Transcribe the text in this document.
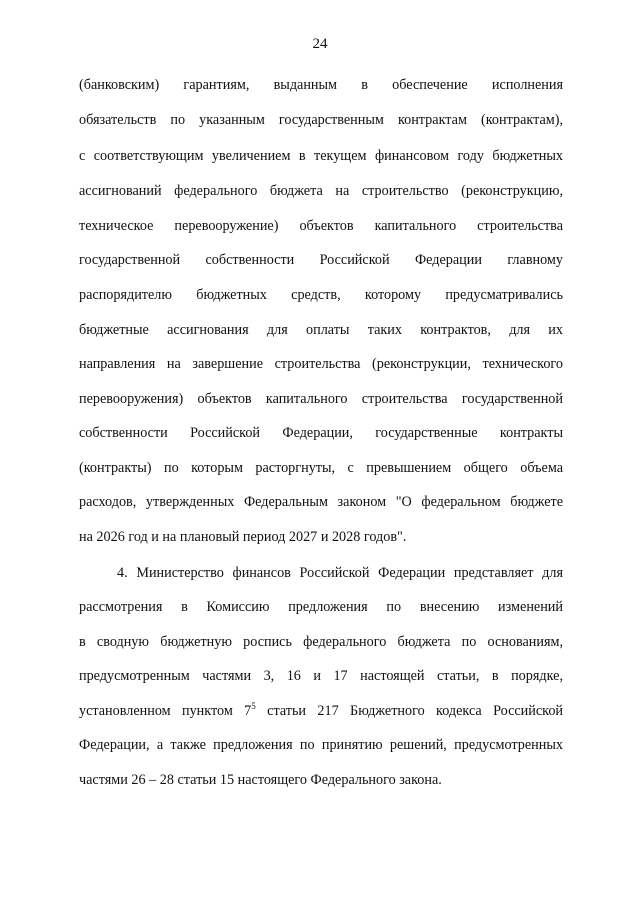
24
(банковским) гарантиям, выданным в обеспечение исполнения
обязательств по указанным государственным контрактам (контрактам),
с соответствующим увеличением в текущем финансовом году бюджетных
ассигнований федерального бюджета на строительство (реконструкцию,
техническое перевооружение) объектов капитального строительства
государственной собственности Российской Федерации главному
распорядителю бюджетных средств, которому предусматривались
бюджетные ассигнования для оплаты таких контрактов, для их
направления на завершение строительства (реконструкции, технического
перевооружения) объектов капитального строительства государственной
собственности Российской Федерации, государственные контракты
(контракты) по которым расторгнуты, с превышением общего объема
расходов, утвержденных Федеральным законом "О федеральном бюджете
на 2026 год и на плановый период 2027 и 2028 годов".
4. Министерство финансов Российской Федерации представляет для
рассмотрения в Комиссию предложения по внесению изменений
в сводную бюджетную роспись федерального бюджета по основаниям,
предусмотренным частями 3, 16 и 17 настоящей статьи, в порядке,
установленном пунктом $7^5$ статьи 217 Бюджетного кодекса Российской
Федерации, а также предложения по принятию решений, предусмотренных
частями 26 – 28 статьи 15 настоящего Федерального закона.
